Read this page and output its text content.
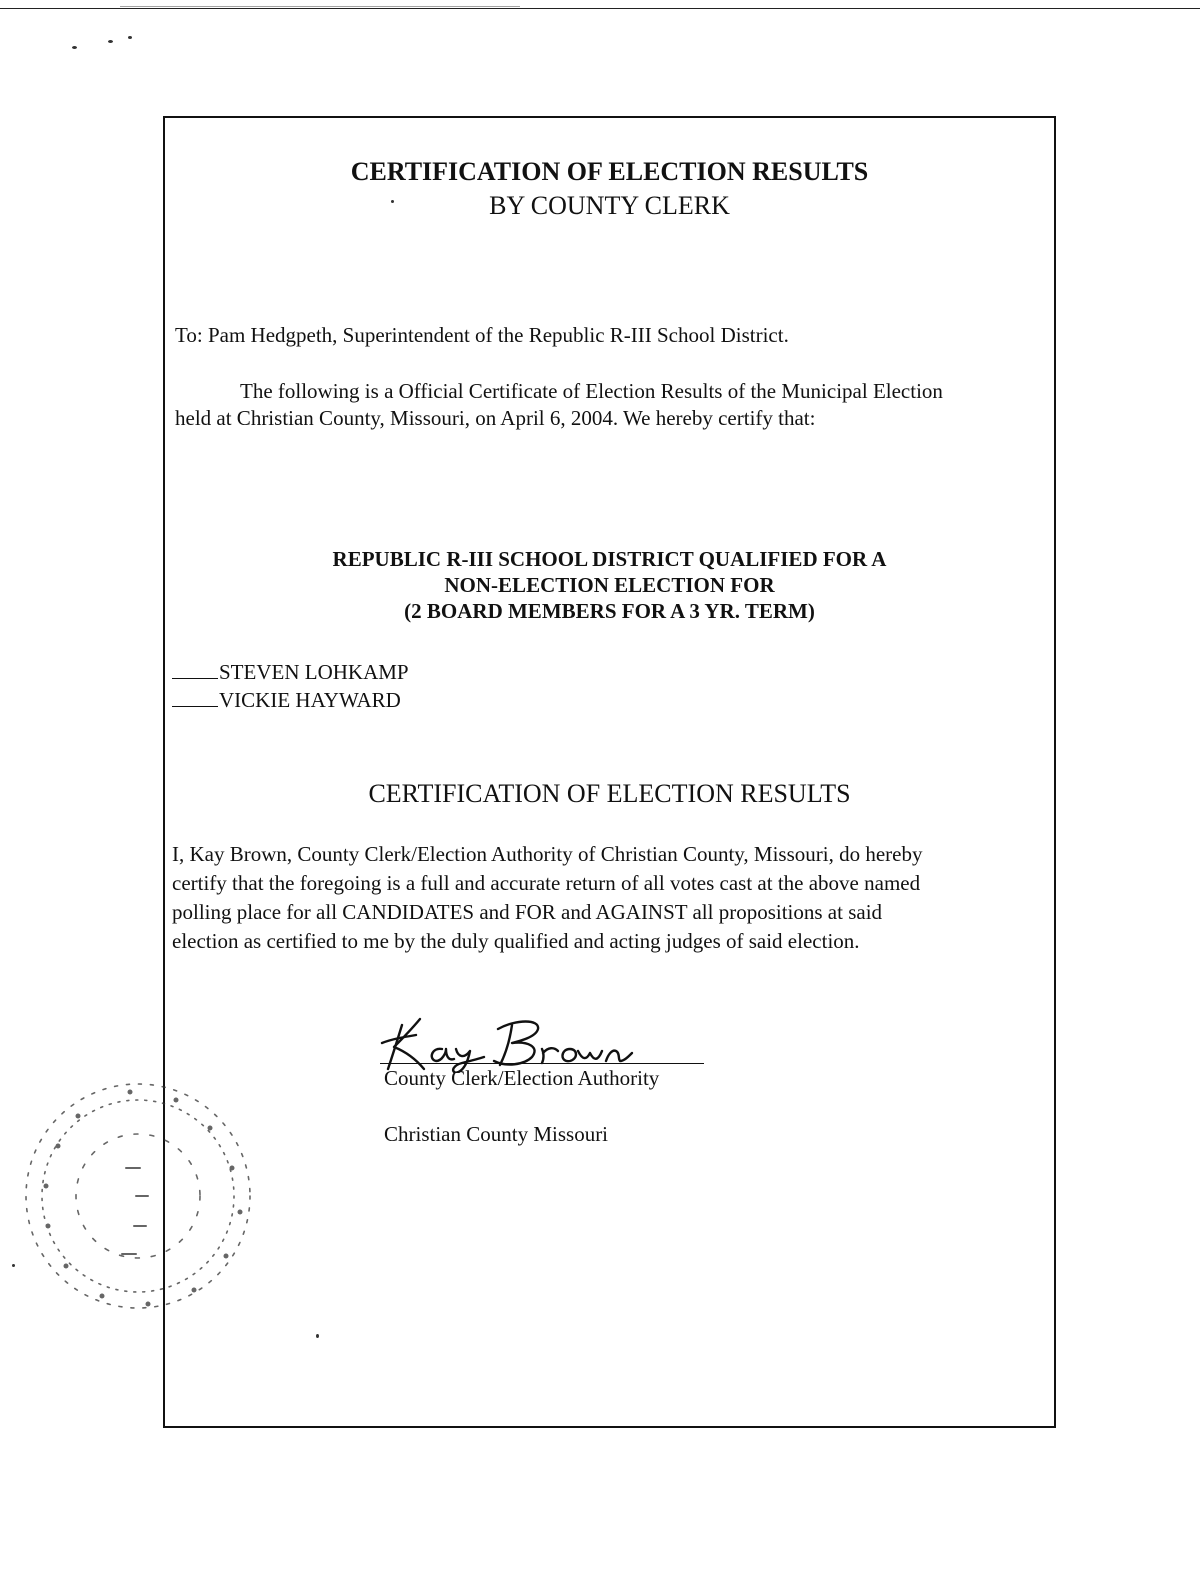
CERTIFICATION OF ELECTION RESULTS
BY COUNTY CLERK
To: Pam Hedgpeth, Superintendent of the Republic R-III School District.
The following is a Official Certificate of Election Results of the Municipal Election
held at Christian County, Missouri, on April 6, 2004. We hereby certify that:
REPUBLIC R-III SCHOOL DISTRICT QUALIFIED FOR A
NON-ELECTION ELECTION FOR
(2 BOARD MEMBERS FOR A 3 YR. TERM)
STEVEN LOHKAMP
VICKIE HAYWARD
CERTIFICATION OF ELECTION RESULTS
I, Kay Brown, County Clerk/Election Authority of Christian County, Missouri, do hereby
certify that the foregoing is a full and accurate return of all votes cast at the above named
polling place for all CANDIDATES and FOR and AGAINST all propositions at said
election as certified to me by the duly qualified and acting judges of said election.
County Clerk/Election Authority
Christian County Missouri
